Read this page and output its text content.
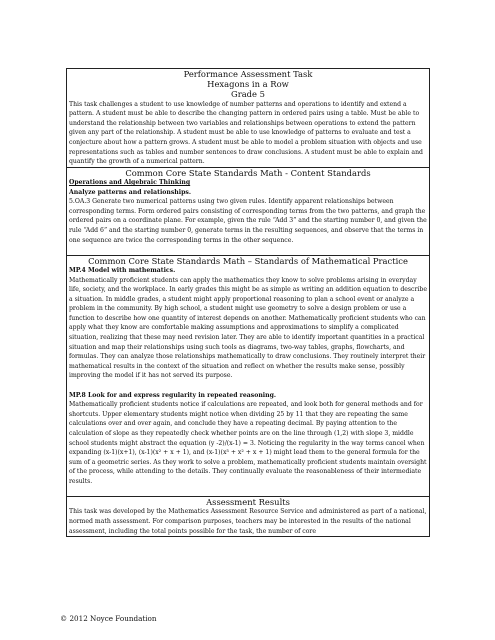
Performance Assessment Task
Hexagons in a Row
Grade 5

This task challenges a student to use knowledge of number patterns and operations to identify and extend a pattern. A student must be able to describe the changing pattern in ordered pairs using a table. Must be able to understand the relationship between two variables and relationships between operations to extend the pattern given any part of the relationship. A student must be able to use knowledge of patterns to evaluate and test a conjecture about how a pattern grows. A student must be able to model a problem situation with objects and use representations such as tables and number sentences to draw conclusions. A student must be able to explain and quantify the growth of a numerical pattern.

Common Core State Standards Math - Content Standards

Operations and Algebraic Thinking

Analyze patterns and relationships.

5.OA.3 Generate two numerical patterns using two given rules. Identify apparent relationships between corresponding terms. Form ordered pairs consisting of corresponding terms from the two patterns, and graph the ordered pairs on a coordinate plane. For example, given the rule “Add 3” and the starting number 0, and given the rule “Add 6” and the starting number 0, generate terms in the resulting sequences, and observe that the terms in one sequence are twice the corresponding terms in the other sequence.

Common Core State Standards Math – Standards of Mathematical Practice

MP.4 Model with mathematics.

Mathematically proficient students can apply the mathematics they know to solve problems arising in everyday life, society, and the workplace. In early grades this might be as simple as writing an addition equation to describe a situation. In middle grades, a student might apply proportional reasoning to plan a school event or analyze a problem in the community. By high school, a student might use geometry to solve a design problem or use a function to describe how one quantity of interest depends on another. Mathematically proficient students who can apply what they know are comfortable making assumptions and approximations to simplify a complicated situation, realizing that these may need revision later. They are able to identify important quantities in a practical situation and map their relationships using such tools as diagrams, two-way tables, graphs, flowcharts, and formulas. They can analyze those relationships mathematically to draw conclusions. They routinely interpret their mathematical results in the context of the situation and reflect on whether the results make sense, possibly improving the model if it has not served its purpose.

MP.8 Look for and express regularity in repeated reasoning.

Mathematically proficient students notice if calculations are repeated, and look both for general methods and for shortcuts. Upper elementary students might notice when dividing 25 by 11 that they are repeating the same calculations over and over again, and conclude they have a repeating decimal. By paying attention to the calculation of slope as they repeatedly check whether points are on the line through (1,2) with slope 3, middle school students might abstract the equation (y -2)/(x-1) = 3. Noticing the regularity in the way terms cancel when expanding (x-1)(x+1), (x-1)(x² + x + 1), and (x-1)(x³ + x² + x + 1) might lead them to the general formula for the sum of a geometric series. As they work to solve a problem, mathematically proficient students maintain oversight of the process, while attending to the details. They continually evaluate the reasonableness of their intermediate results.

Assessment Results

This task was developed by the Mathematics Assessment Resource Service and administered as part of a national, normed math assessment. For comparison purposes, teachers may be interested in the results of the national assessment, including the total points possible for the task, the number of core

© 2012 Noyce Foundation
